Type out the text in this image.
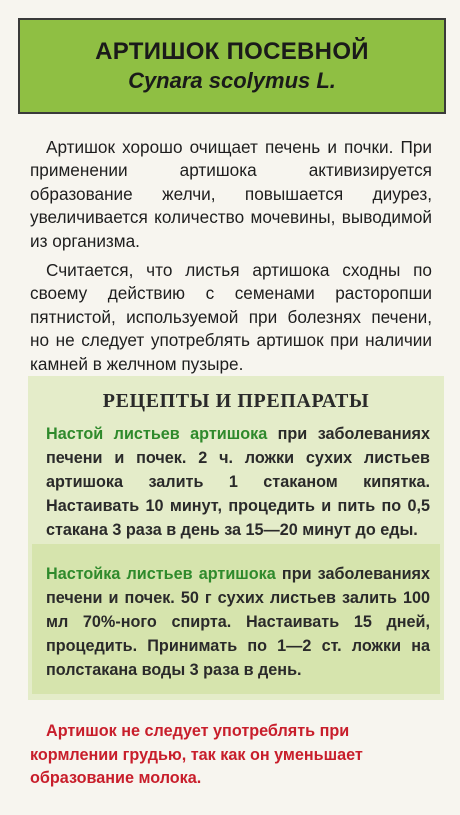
АРТИШОК ПОСЕВНОЙ
Cynara scolymus L.

Артишок хорошо очищает печень и почки. При применении артишока активизируется образование желчи, повышается диурез, увеличивается количество мочевины, выводимой из организма.

Считается, что листья артишока сходны по своему действию с семенами расторопши пятнистой, используемой при болезнях печени, но не следует употреблять артишок при наличии камней в желчном пузыре.

РЕЦЕПТЫ И ПРЕПАРАТЫ
Настой листьев артишока при заболеваниях печени и почек. 2 ч. ложки сухих листьев артишока залить 1 стаканом кипятка. Настаивать 10 минут, процедить и пить по 0,5 стакана 3 раза в день за 15—20 минут до еды.
Настойка листьев артишока при заболеваниях печени и почек. 50 г сухих листьев залить 100 мл 70%-ного спирта. Настаивать 15 дней, процедить. Принимать по 1—2 ст. ложки на полстакана воды 3 раза в день.
Артишок не следует употреблять при кормлении грудью, так как он уменьшает образование молока.
